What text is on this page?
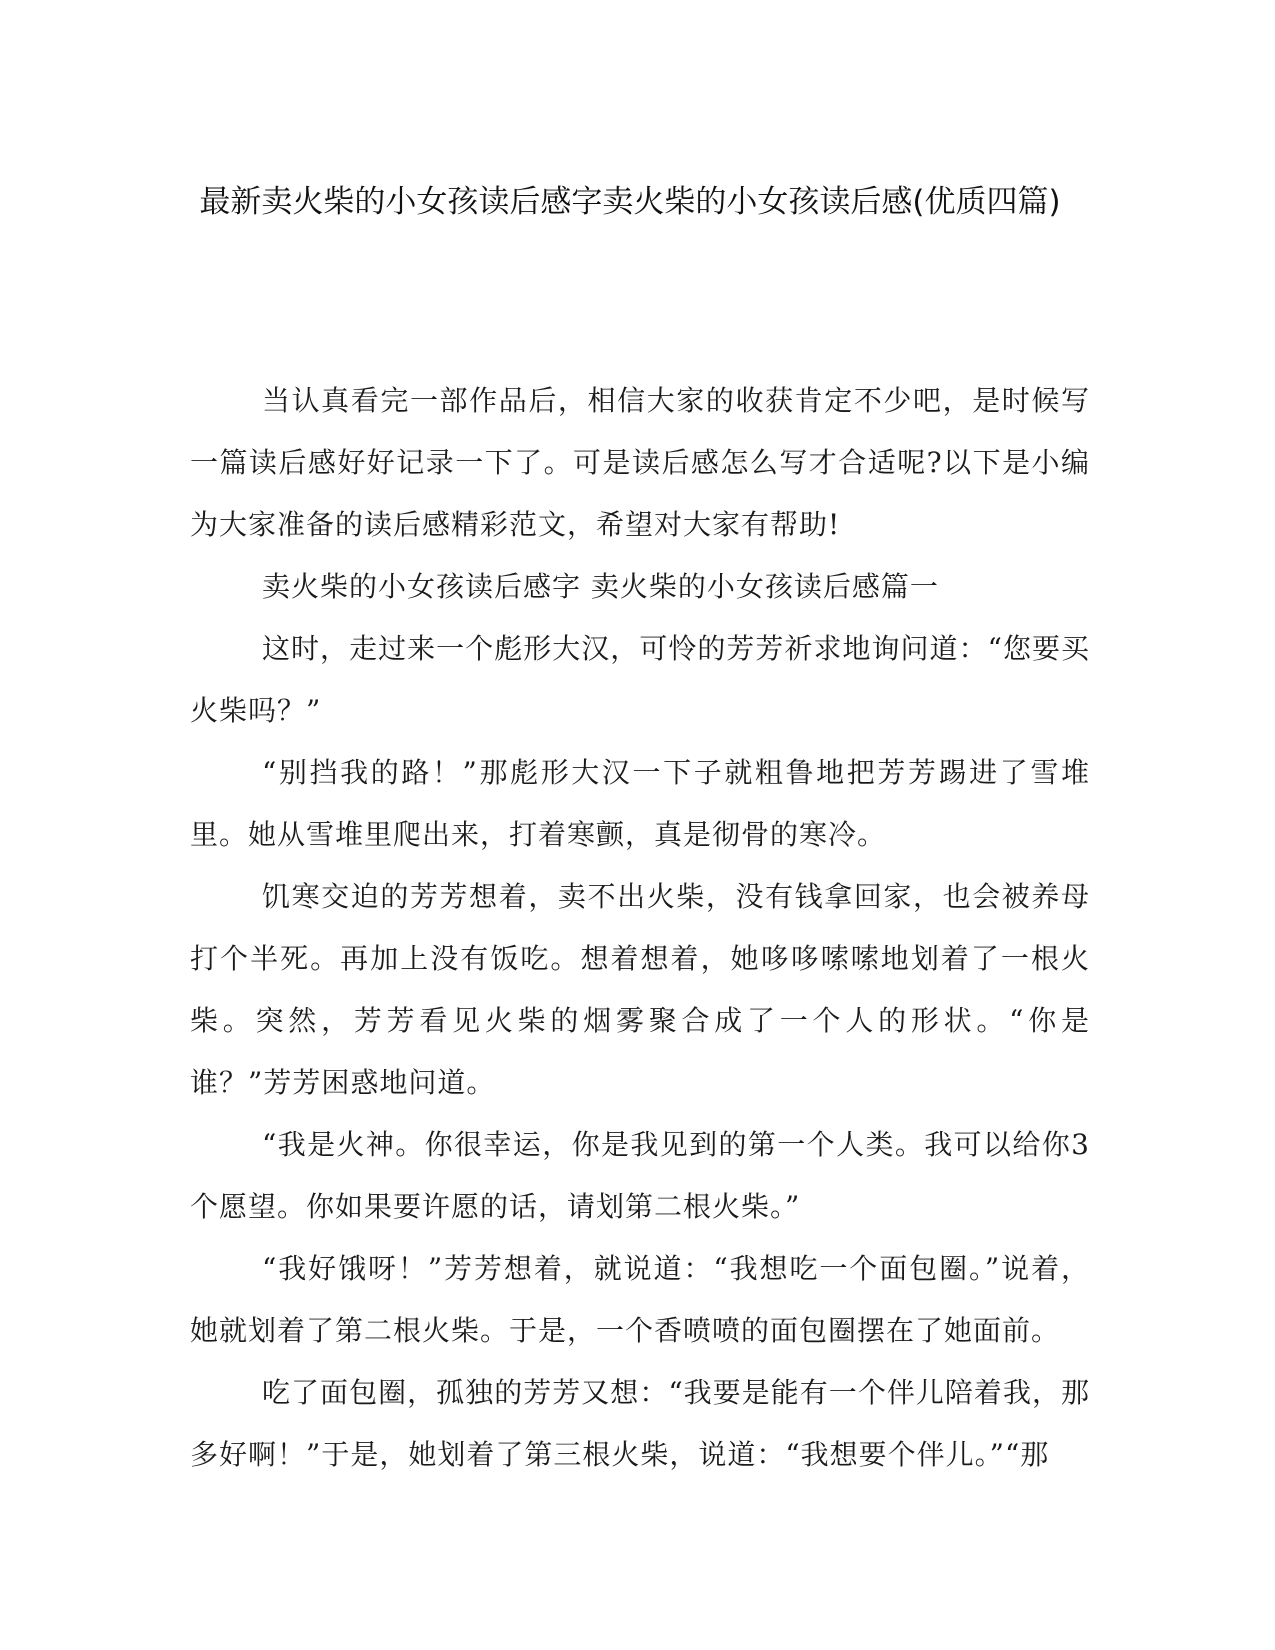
最新卖火柴的小女孩读后感字卖火柴的小女孩读后感(优质四篇)

当认真看完一部作品后，相信大家的收获肯定不少吧，是时候写一篇读后感好好记录一下了。可是读后感怎么写才合适呢?以下是小编为大家准备的读后感精彩范文，希望对大家有帮助!

卖火柴的小女孩读后感字 卖火柴的小女孩读后感篇一

这时，走过来一个彪形大汉，可怜的芳芳祈求地询问道：“您要买火柴吗？”

“别挡我的路！”那彪形大汉一下子就粗鲁地把芳芳踢进了雪堆里。她从雪堆里爬出来，打着寒颤，真是彻骨的寒冷。

饥寒交迫的芳芳想着，卖不出火柴，没有钱拿回家，也会被养母打个半死。再加上没有饭吃。想着想着，她哆哆嗦嗦地划着了一根火柴。突然，芳芳看见火柴的烟雾聚合成了一个人的形状。“你是谁？”芳芳困惑地问道。

“我是火神。你很幸运，你是我见到的第一个人类。我可以给你3个愿望。你如果要许愿的话，请划第二根火柴。”

“我好饿呀！”芳芳想着，就说道：“我想吃一个面包圈。”说着，她就划着了第二根火柴。于是，一个香喷喷的面包圈摆在了她面前。

吃了面包圈，孤独的芳芳又想：“我要是能有一个伴儿陪着我，那多好啊！”于是，她划着了第三根火柴，说道：“我想要个伴儿。”“那
